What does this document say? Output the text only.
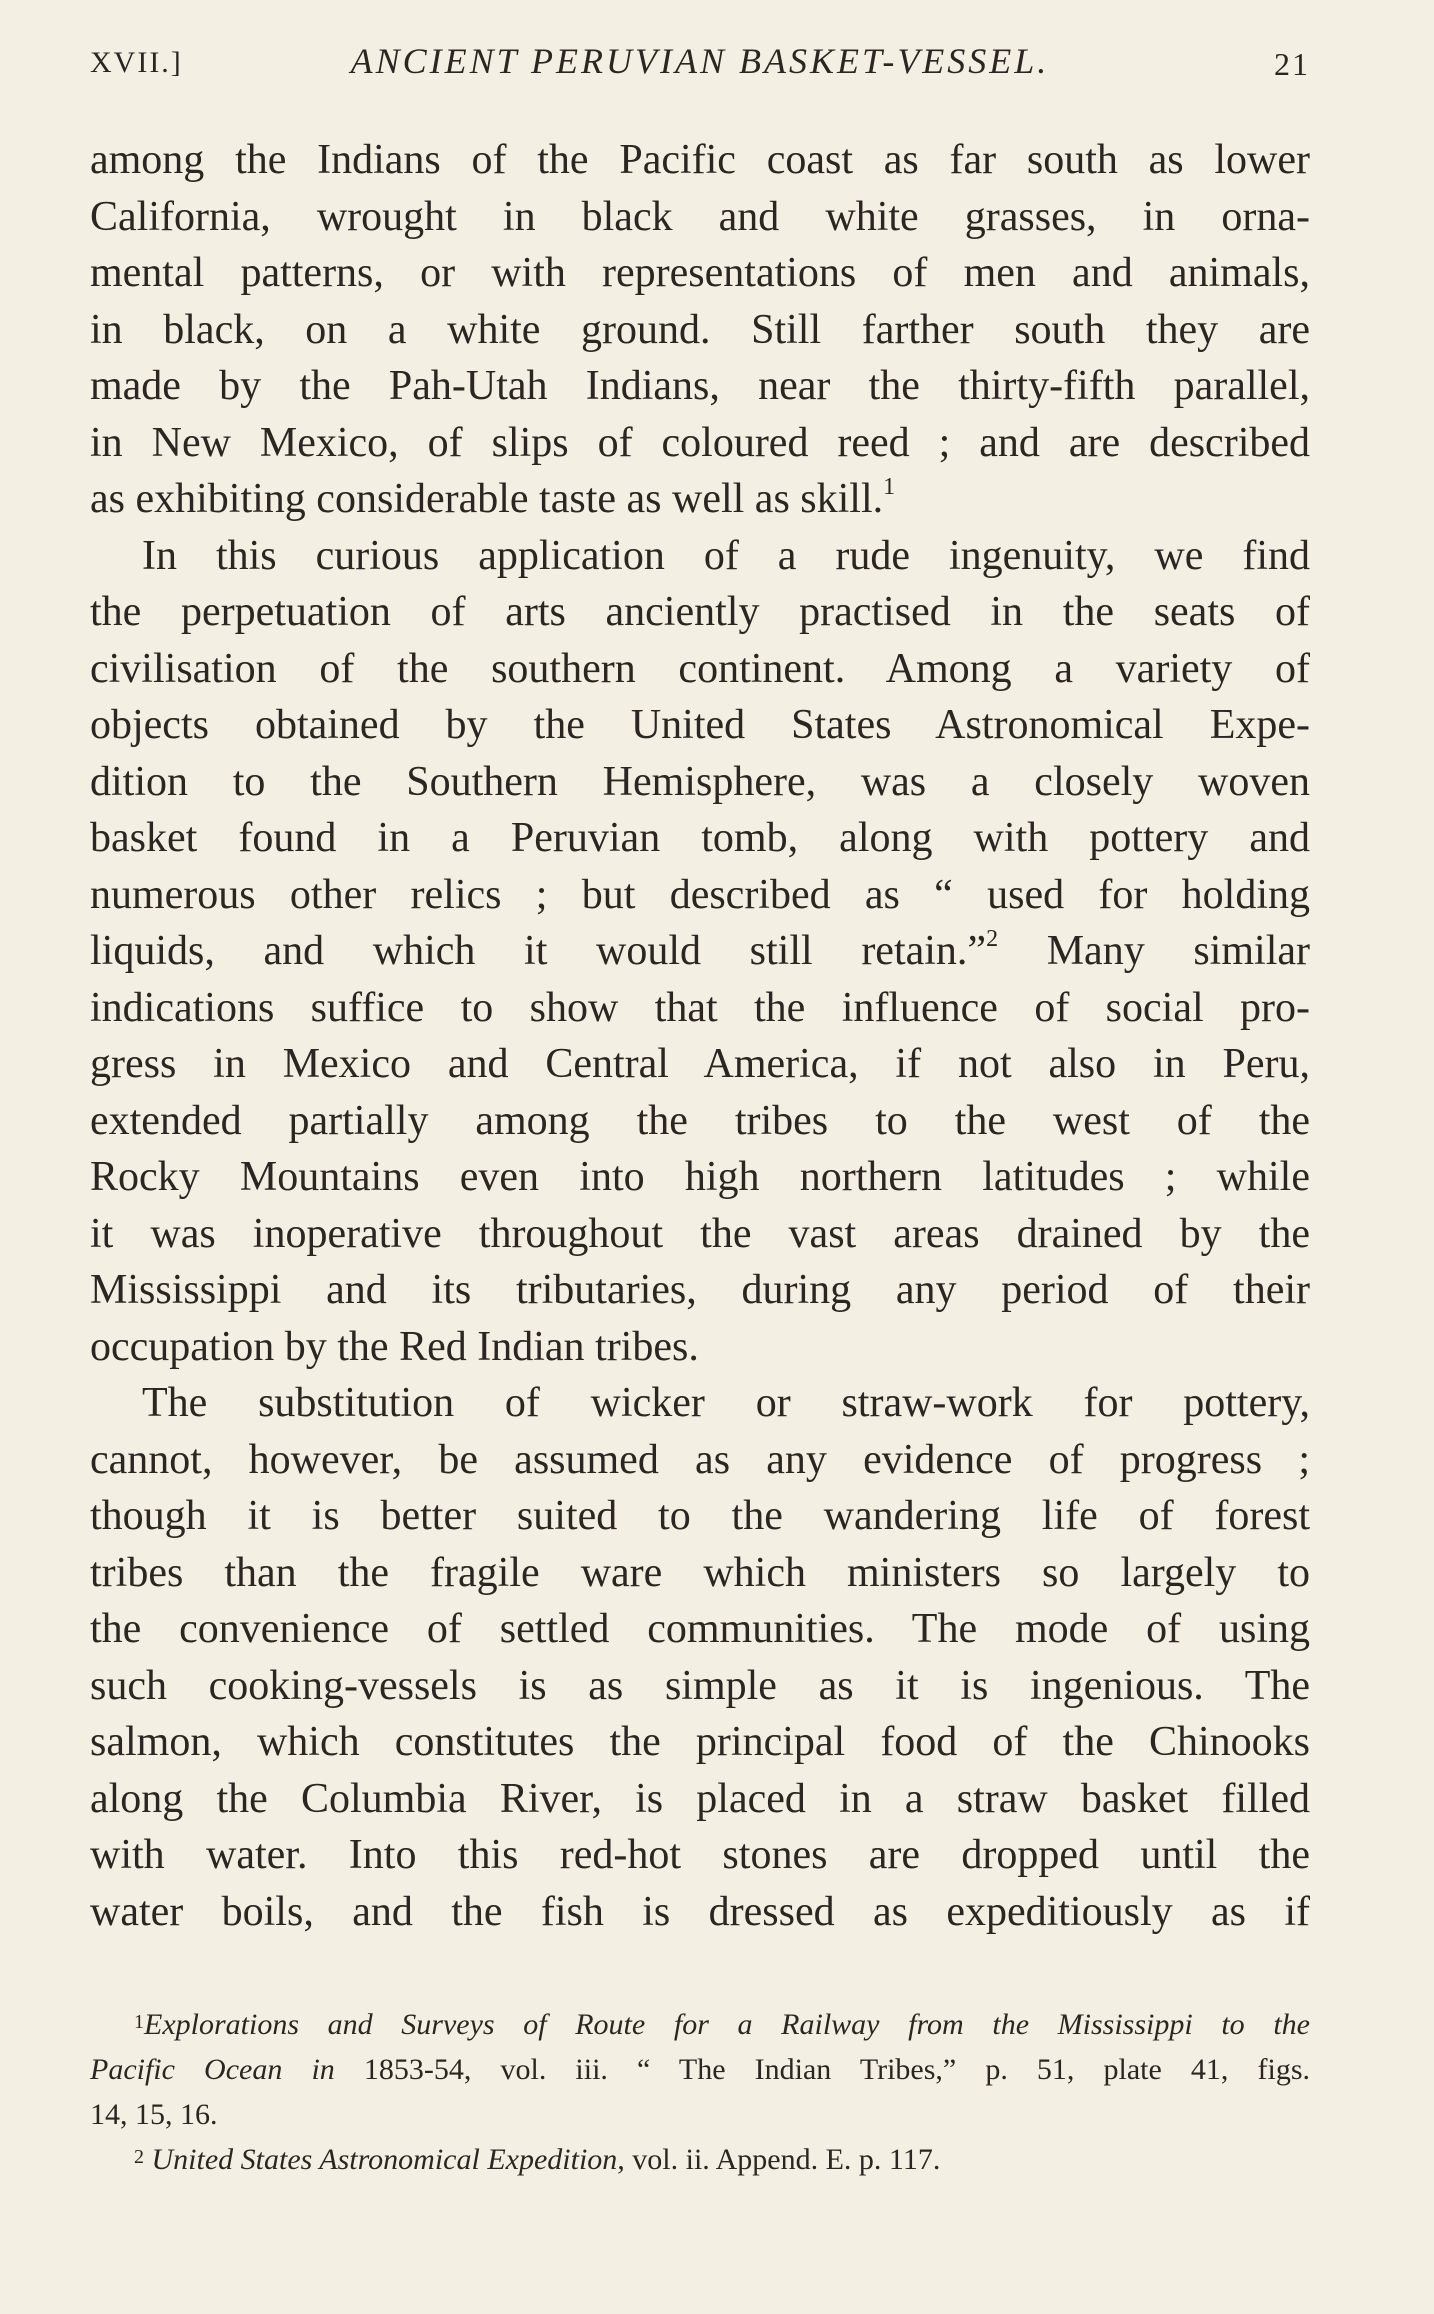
XVII.]	ANCIENT PERUVIAN BASKET-VESSEL.	21
among the Indians of the Pacific coast as far south as lower
California, wrought in black and white grasses, in orna-
mental patterns, or with representations of men and animals,
in black, on a white ground. Still farther south they are
made by the Pah-Utah Indians, near the thirty-fifth parallel,
in New Mexico, of slips of coloured reed ; and are described
as exhibiting considerable taste as well as skill.$^1$
In this curious application of a rude ingenuity, we find
the perpetuation of arts anciently practised in the seats of
civilisation of the southern continent. Among a variety of
objects obtained by the United States Astronomical Expe-
dition to the Southern Hemisphere, was a closely woven
basket found in a Peruvian tomb, along with pottery and
numerous other relics ; but described as “ used for holding
liquids, and which it would still retain.”$^2$ Many similar
indications suffice to show that the influence of social pro-
gress in Mexico and Central America, if not also in Peru,
extended partially among the tribes to the west of the
Rocky Mountains even into high northern latitudes ; while
it was inoperative throughout the vast areas drained by the
Mississippi and its tributaries, during any period of their
occupation by the Red Indian tribes.
The substitution of wicker or straw-work for pottery,
cannot, however, be assumed as any evidence of progress ;
though it is better suited to the wandering life of forest
tribes than the fragile ware which ministers so largely to
the convenience of settled communities. The mode of using
such cooking-vessels is as simple as it is ingenious. The
salmon, which constitutes the principal food of the Chinooks
along the Columbia River, is placed in a straw basket filled
with water. Into this red-hot stones are dropped until the
water boils, and the fish is dressed as expeditiously as if
$^1$Explorations and Surveys of Route for a Railway from the Mississippi to the
Pacific Ocean in 1853-54, vol. iii. “ The Indian Tribes,” p. 51, plate 41, figs.
14, 15, 16.
$^2$ United States Astronomical Expedition, vol. ii. Append. E. p. 117.
